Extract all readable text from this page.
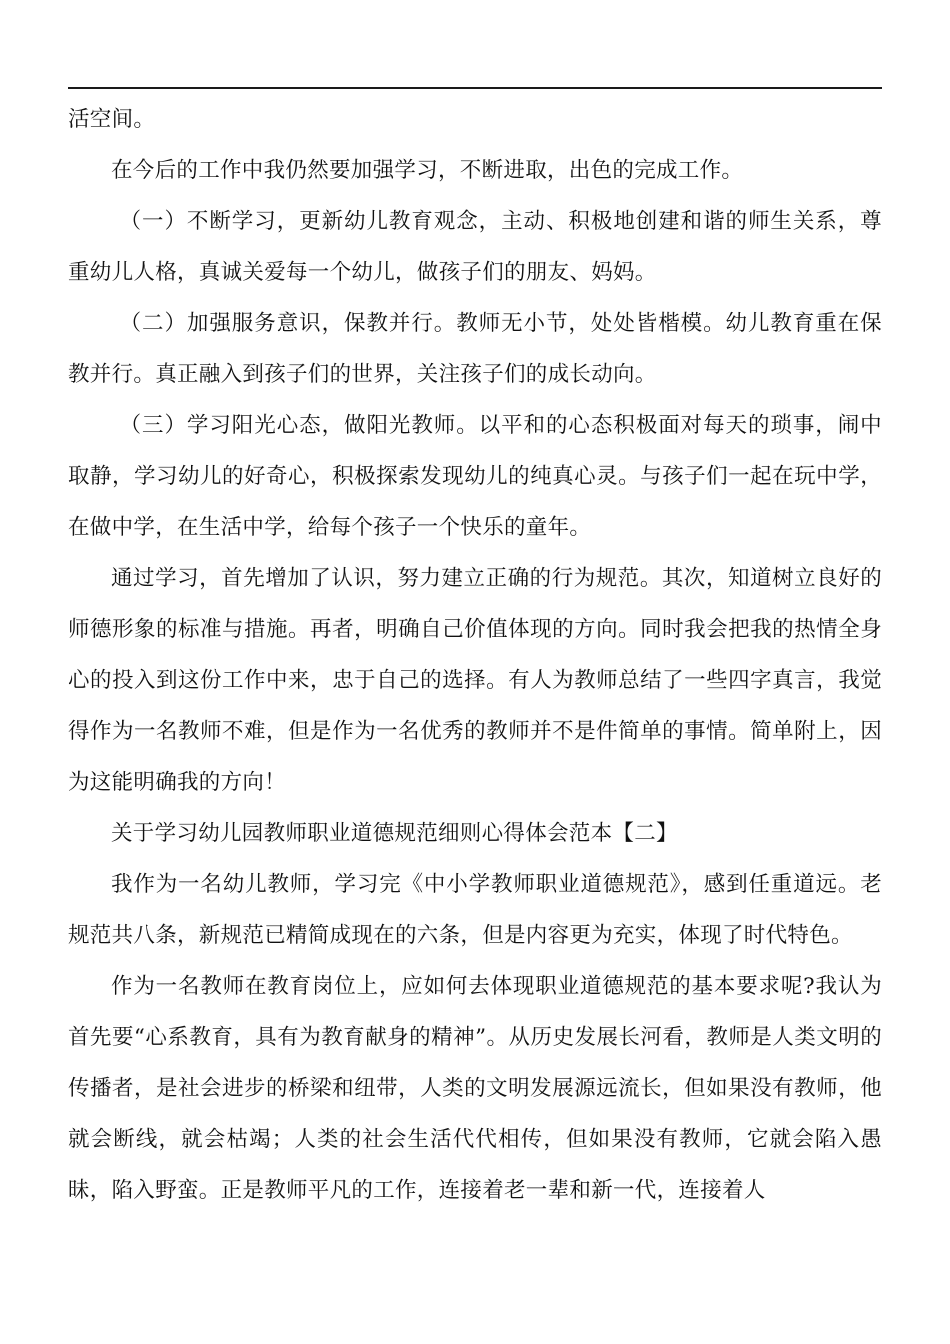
活空间。

在今后的工作中我仍然要加强学习，不断进取，出色的完成工作。

（一）不断学习，更新幼儿教育观念，主动、积极地创建和谐的师生关系，尊重幼儿人格，真诚关爱每一个幼儿，做孩子们的朋友、妈妈。

（二）加强服务意识，保教并行。教师无小节，处处皆楷模。幼儿教育重在保教并行。真正融入到孩子们的世界，关注孩子们的成长动向。

（三）学习阳光心态，做阳光教师。以平和的心态积极面对每天的琐事，闹中取静，学习幼儿的好奇心，积极探索发现幼儿的纯真心灵。与孩子们一起在玩中学，在做中学，在生活中学，给每个孩子一个快乐的童年。

通过学习，首先增加了认识，努力建立正确的行为规范。其次，知道树立良好的师德形象的标准与措施。再者，明确自己价值体现的方向。同时我会把我的热情全身心的投入到这份工作中来，忠于自己的选择。有人为教师总结了一些四字真言，我觉得作为一名教师不难，但是作为一名优秀的教师并不是件简单的事情。简单附上，因为这能明确我的方向！

关于学习幼儿园教师职业道德规范细则心得体会范本【二】

我作为一名幼儿教师，学习完《中小学教师职业道德规范》，感到任重道远。老规范共八条，新规范已精简成现在的六条，但是内容更为充实，体现了时代特色。

作为一名教师在教育岗位上，应如何去体现职业道德规范的基本要求呢?我认为首先要“心系教育，具有为教育献身的精神”。从历史发展长河看，教师是人类文明的传播者，是社会进步的桥梁和纽带，人类的文明发展源远流长，但如果没有教师，他就会断线，就会枯竭；人类的社会生活代代相传，但如果没有教师，它就会陷入愚昧，陷入野蛮。正是教师平凡的工作，连接着老一辈和新一代，连接着人
